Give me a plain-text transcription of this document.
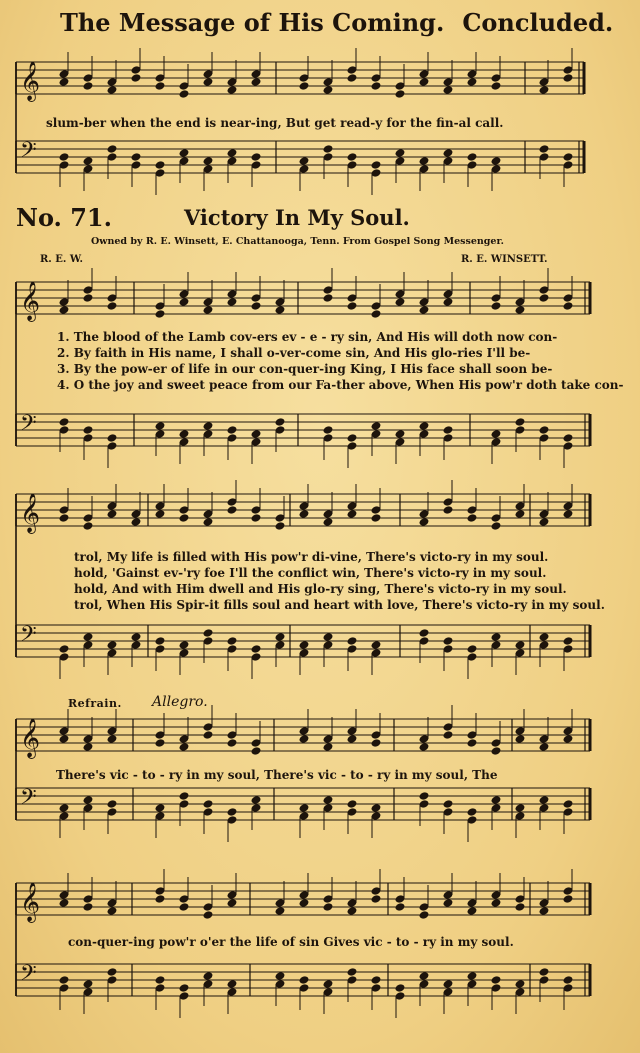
𝄞
𝄢
𝄞
𝄢
𝄞
𝄢
𝄞
𝄢
𝄞
𝄢
The Message of His Coming. Concluded.
slum-ber when the end is near-ing, But get read-y for the fin-al call.
No. 71.	Victory In My Soul.
Owned by R. E. Winsett, E. Chattanooga, Tenn. From Gospel Song Messenger.
R. E. W.	R. E. WINSETT.
1. The blood of the Lamb cov-ers ev - e - ry sin, And His will doth now con-
2. By faith in His name, I shall o-ver-come sin, And His glo-ries I'll be-
3. By the pow-er of life in our con-quer-ing King, I His face shall soon be-
4. O the joy and sweet peace from our Fa-ther above, When His pow'r doth take con-
trol, My life is filled with His pow'r di-vine, There's victo-ry in my soul.
hold, 'Gainst ev-'ry foe I'll the conflict win, There's victo-ry in my soul.
hold, And with Him dwell and His glo-ry sing, There's victo-ry in my soul.
trol, When His Spir-it fills soul and heart with love, There's victo-ry in my soul.
Refrain. Allegro.
There's vic - to - ry in my soul, There's vic - to - ry in my soul, The
con-quer-ing pow'r o'er the life of sin Gives vic - to - ry in my soul.
